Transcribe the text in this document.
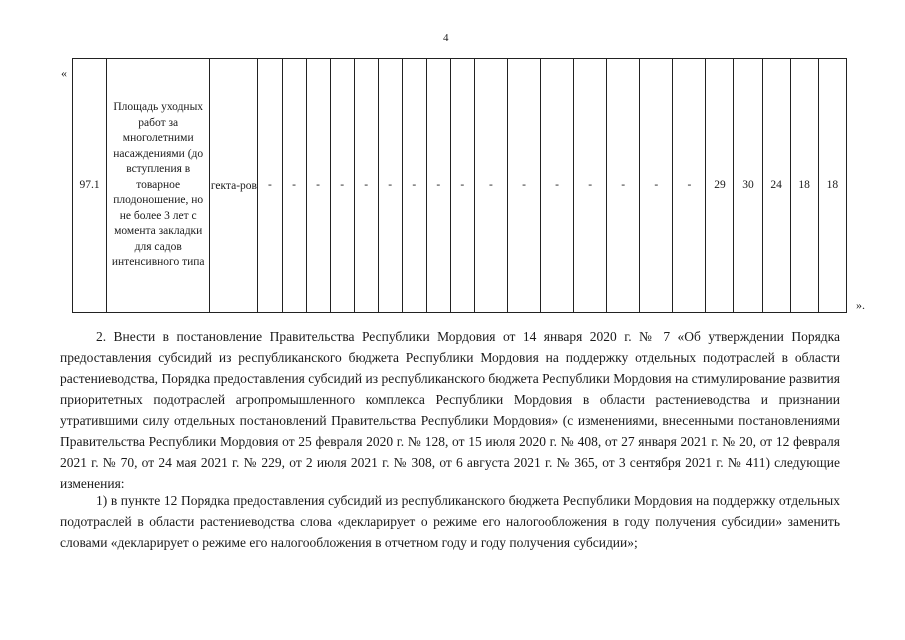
4
«
97.1	Площадь уходных работ за многолетними насаждениями (до вступления в товарное плодоношение, но не более 3 лет с момента закладки для садов интенсивного типа	гекта-ров	-	-	-	-	-	-	-	-	-	-	-	-	-	-	-	-	29	30	24	18	18
».

2. Внести в постановление Правительства Республики Мордовия от 14 января 2020 г. № 7 «Об утверждении Порядка предоставления субсидий из республиканского бюджета Республики Мордовия на поддержку отдельных подотраслей в области растениеводства, Порядка предоставления субсидий из республиканского бюджета Республики Мордовия на стимулирование развития приоритетных подотраслей агропромышленного комплекса Республики Мордовия в области растениеводства и признании утратившими силу отдельных постановлений Правительства Республики Мордовия» (с изменениями, внесенными постановлениями Правительства Республики Мордовия от 25 февраля 2020 г. № 128, от 15 июля 2020 г. № 408, от 27 января 2021 г. № 20, от 12 февраля 2021 г. № 70, от 24 мая 2021 г. № 229, от 2 июля 2021 г. № 308, от 6 августа 2021 г. № 365, от 3 сентября 2021 г. № 411) следующие изменения:

1) в пункте 12 Порядка предоставления субсидий из республиканского бюджета Республики Мордовия на поддержку отдельных подотраслей в области растениеводства слова «декларирует о режиме его налогообложения в году получения субсидии» заменить словами «декларирует о режиме его налогообложения в отчетном году и году получения субсидии»;
